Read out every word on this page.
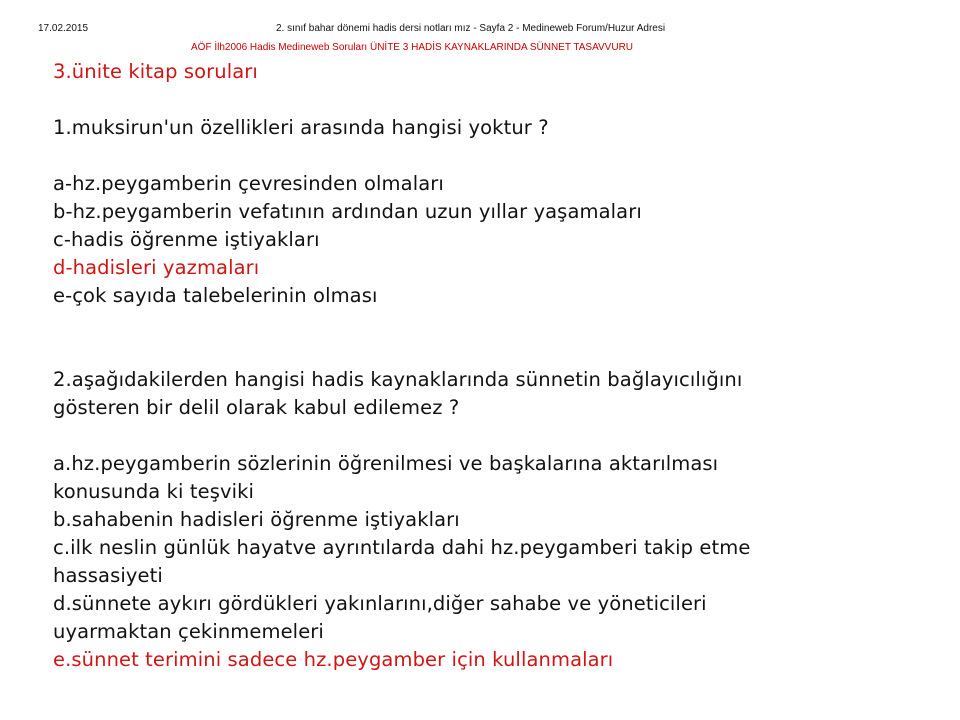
17.02.2015	2. sınıf bahar dönemi hadis dersi notları mız - Sayfa 2 - Medineweb Forum/Huzur Adresi
AÖF İlh2006 Hadis Medineweb Soruları ÜNİTE 3 HADİS KAYNAKLARINDA SÜNNET TASAVVURU
3.ünite kitap soruları
1.muksirun'un özellikleri arasında hangisi yoktur ?
a-hz.peygamberin çevresinden olmaları
b-hz.peygamberin vefatının ardından uzun yıllar yaşamaları
c-hadis öğrenme iştiyakları
d-hadisleri yazmaları
e-çok sayıda talebelerinin olması
2.aşağıdakilerden hangisi hadis kaynaklarında sünnetin bağlayıcılığını
gösteren bir delil olarak kabul edilemez ?
a.hz.peygamberin sözlerinin öğrenilmesi ve başkalarına aktarılması
konusunda ki teşviki
b.sahabenin hadisleri öğrenme iştiyakları
c.ilk neslin günlük hayatve ayrıntılarda dahi hz.peygamberi takip etme
hassasiyeti
d.sünnete aykırı gördükleri yakınlarını,diğer sahabe ve yöneticileri
uyarmaktan çekinmemeleri
e.sünnet terimini sadece hz.peygamber için kullanmaları
